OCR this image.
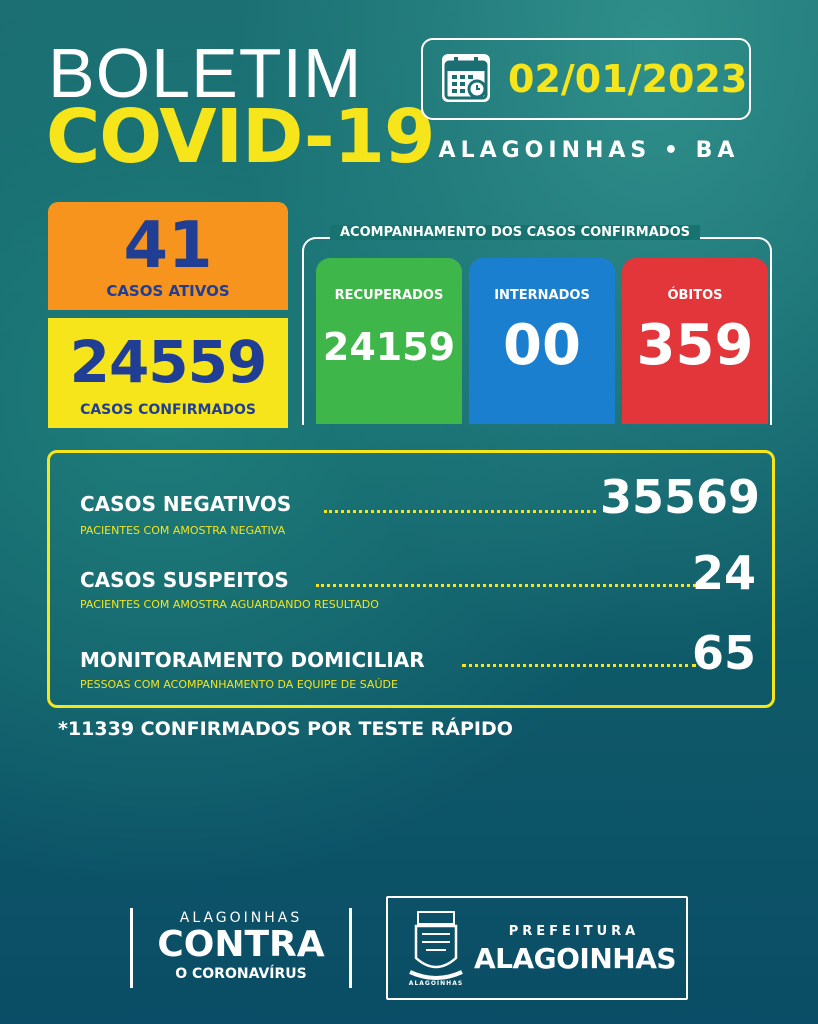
BOLETIM
COVID-19
02/01/2023
ALAGOINHAS • BA
41
CASOS ATIVOS
24559
CASOS CONFIRMADOS
ACOMPANHAMENTO DOS CASOS CONFIRMADOS
RECUPERADOS
24159
INTERNADOS
00
ÓBITOS
359
CASOS NEGATIVOS	35569
PACIENTES COM AMOSTRA NEGATIVA
CASOS SUSPEITOS	24
PACIENTES COM AMOSTRA AGUARDANDO RESULTADO
MONITORAMENTO DOMICILIAR	65
PESSOAS COM ACOMPANHAMENTO DA EQUIPE DE SAÚDE
*11339 CONFIRMADOS POR TESTE RÁPIDO
ALAGOINHAS
CONTRA
O CORONAVÍRUS
ALAGOINHAS
PREFEITURA
ALAGOINHAS
